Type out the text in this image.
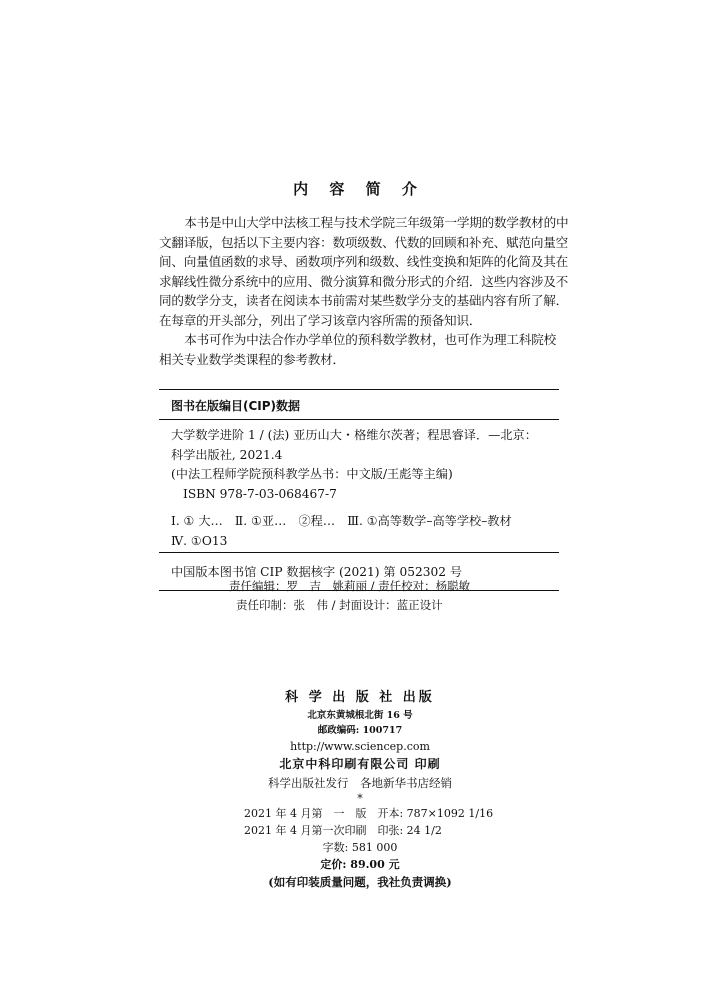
内 容 简 介

本书是中山大学中法核工程与技术学院三年级第一学期的数学教材的中
文翻译版，包括以下主要内容：数项级数、代数的回顾和补充、赋范向量空
间、向量值函数的求导、函数项序列和级数、线性变换和矩阵的化简及其在
求解线性微分系统中的应用、微分演算和微分形式的介绍．这些内容涉及不
同的数学分支，读者在阅读本书前需对某些数学分支的基础内容有所了解．
在每章的开头部分，列出了学习该章内容所需的预备知识．

本书可作为中法合作办学单位的预科数学教材，也可作为理工科院校
相关专业数学类课程的参考教材．

图书在版编目(CIP)数据
大学数学进阶 1 / (法) 亚历山大・格维尔茨著；程思睿译．—北京：
科学出版社, 2021.4
(中法工程师学院预科教学丛书：中文版/王彪等主编)
ISBN 978-7-03-068467-7
Ⅰ. ① 大…　Ⅱ. ①亚…　②程…　Ⅲ. ①高等数学–高等学校–教材
Ⅳ. ①O13
中国版本图书馆 CIP 数据核字 (2021) 第 052302 号
责任编辑：罗　吉　姚莉丽 / 责任校对：杨聪敏
责任印制：张　伟 / 封面设计：蓝正设计
科 学 出 版 社 出版
北京东黄城根北街 16 号
邮政编码: 100717
http://www.sciencep.com
北京中科印刷有限公司 印刷
科学出版社发行　各地新华书店经销
*
2021 年 4 月第　一　版　开本: 787×1092 1/16
2021 年 4 月第一次印刷　印张: 24 1/2
字数: 581 000
定价: 89.00 元
(如有印装质量问题，我社负责调换)
